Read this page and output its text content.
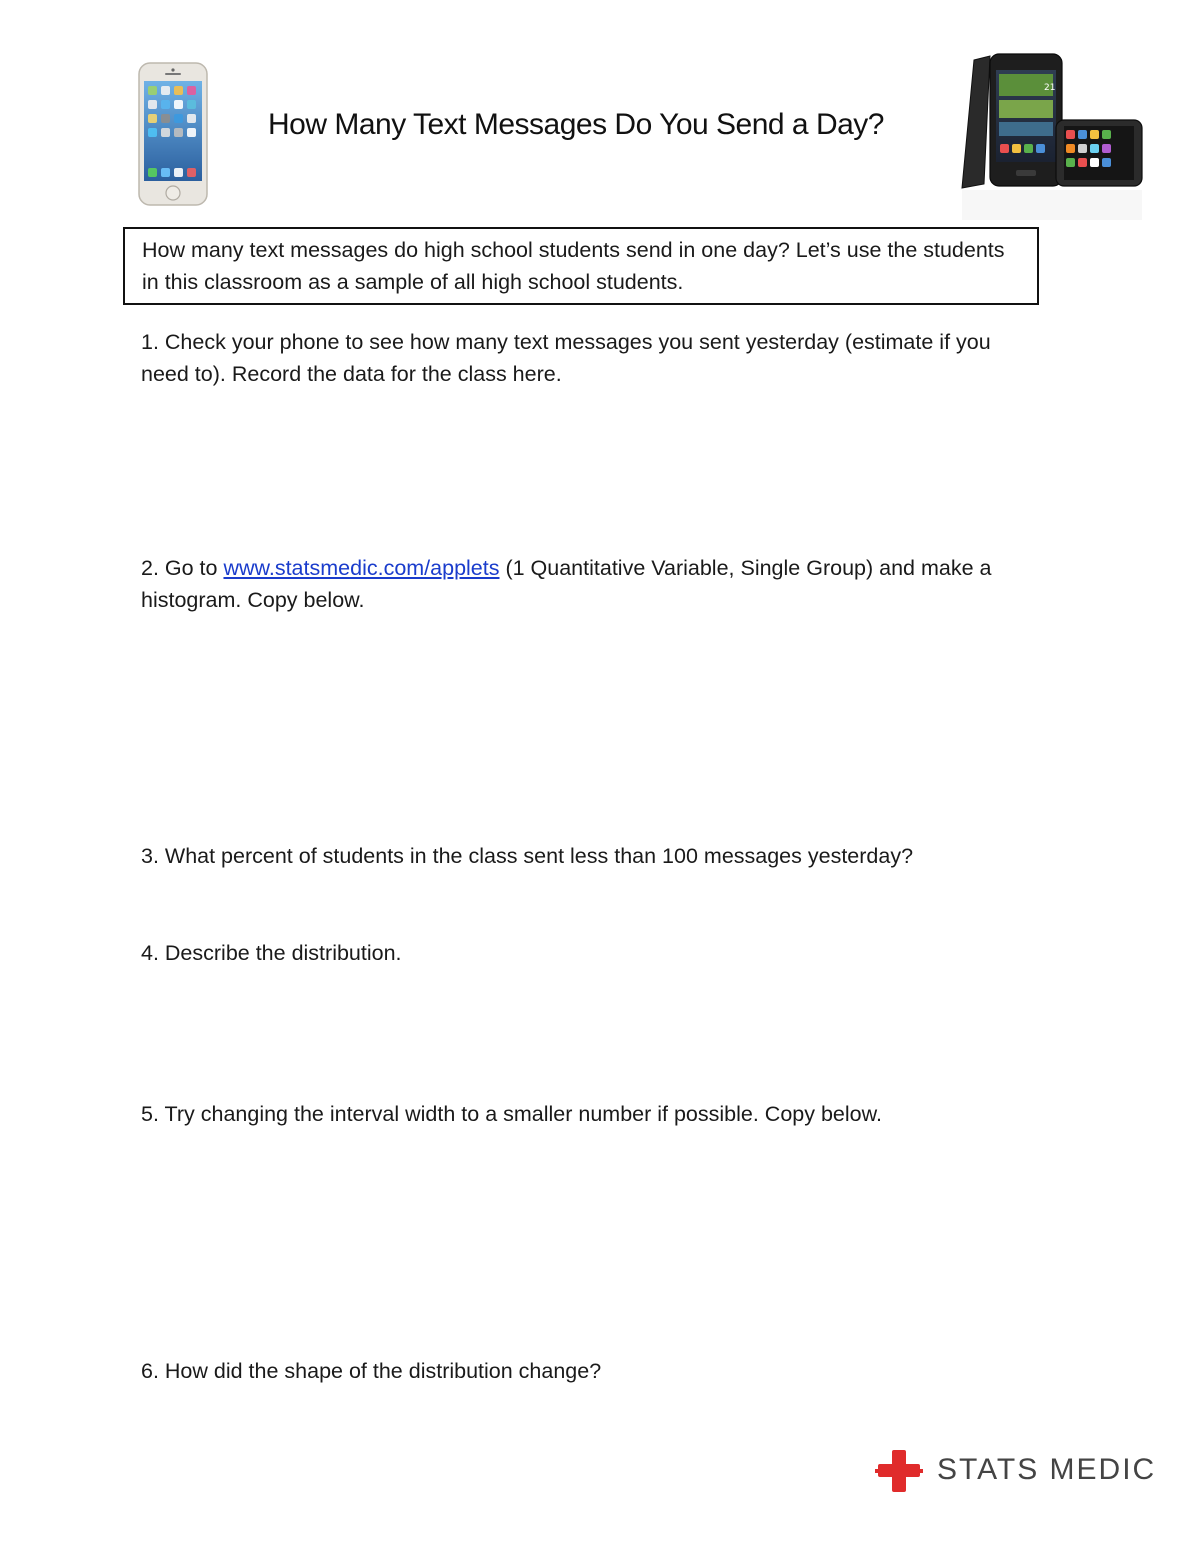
How Many Text Messages Do You Send a Day?
21
How many text messages do high school students send in one day? Let’s use the students in this classroom as a sample of all high school students.
1. Check your phone to see how many text messages you sent yesterday (estimate if you need to). Record the data for the class here.
2. Go to www.statsmedic.com/applets (1 Quantitative Variable, Single Group) and make a histogram. Copy below.
3. What percent of students in the class sent less than 100 messages yesterday?
4. Describe the distribution.
5. Try changing the interval width to a smaller number if possible. Copy below.
6. How did the shape of the distribution change?
STATS MEDIC
